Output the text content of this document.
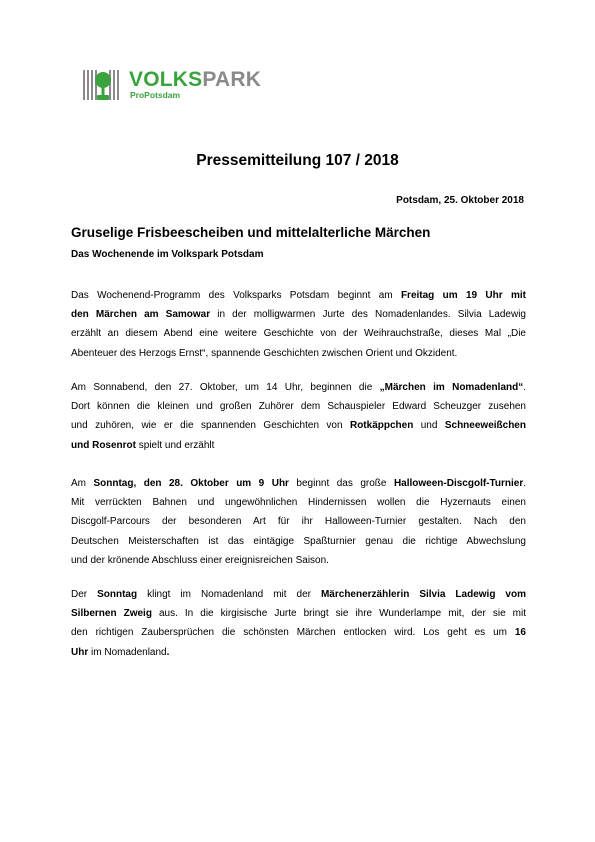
VOLKSPARK
ProPotsdam
Pressemitteilung 107 / 2018

Potsdam, 25. Oktober 2018

Gruselige Frisbeescheiben und mittelalterliche Märchen

Das Wochenende im Volkspark Potsdam

Das Wochenend-Programm des Volksparks Potsdam beginnt am Freitag um 19 Uhr mit
den Märchen am Samowar in der molligwarmen Jurte des Nomadenlandes. Silvia Ladewig
erzählt an diesem Abend eine weitere Geschichte von der Weihrauchstraße, dieses Mal „Die
Abenteuer des Herzogs Ernst“, spannende Geschichten zwischen Orient und Okzident.
Am Sonnabend, den 27. Oktober, um 14 Uhr, beginnen die „Märchen im Nomadenland“.
Dort können die kleinen und großen Zuhörer dem Schauspieler Edward Scheuzger zusehen
und zuhören, wie er die spannenden Geschichten von Rotkäppchen und Schneeweißchen
und Rosenrot spielt und erzählt
Am Sonntag, den 28. Oktober um 9 Uhr beginnt das große Halloween-Discgolf-Turnier.
Mit verrückten Bahnen und ungewöhnlichen Hindernissen wollen die Hyzernauts einen
Discgolf-Parcours der besonderen Art für ihr Halloween-Turnier gestalten. Nach den
Deutschen Meisterschaften ist das eintägige Spaßturnier genau die richtige Abwechslung
und der krönende Abschluss einer ereignisreichen Saison.
Der Sonntag klingt im Nomadenland mit der Märchenerzählerin Silvia Ladewig vom
Silbernen Zweig aus. In die kirgisische Jurte bringt sie ihre Wunderlampe mit, der sie mit
den richtigen Zaubersprüchen die schönsten Märchen entlocken wird. Los geht es um 16
Uhr im Nomadenland.
